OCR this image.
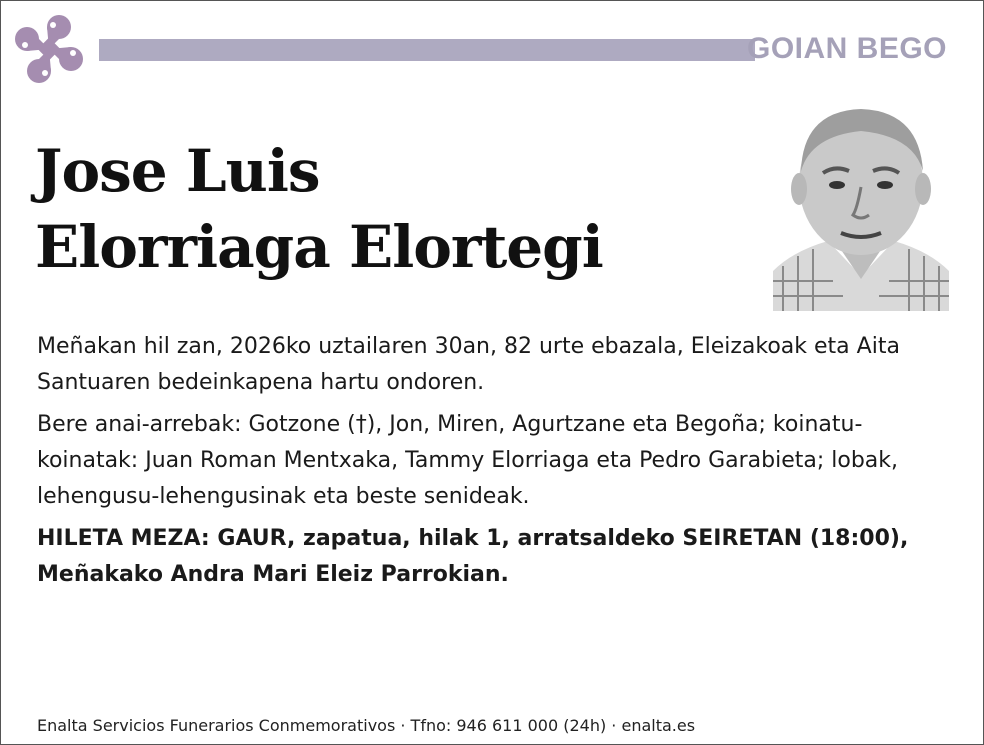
GOIAN BEGO
Jose Luis
Elorriaga Elortegi

Meñakan hil zan, 2026ko uztailaren 30an, 82 urte ebazala, Eleizakoak eta Aita Santuaren bedeinkapena hartu ondoren.

Bere anai-arrebak: Gotzone (†), Jon, Miren, Agurtzane eta Begoña; koinatu-koinatak: Juan Roman Mentxaka, Tammy Elorriaga eta Pedro Garabieta; lobak, lehengusu-lehengusinak eta beste senideak.

HILETA MEZA: GAUR, zapatua, hilak 1, arratsaldeko SEIRETAN (18:00), Meñakako Andra Mari Eleiz Parrokian.

Enalta Servicios Funerarios Conmemorativos · Tfno: 946 611 000 (24h) · enalta.es
